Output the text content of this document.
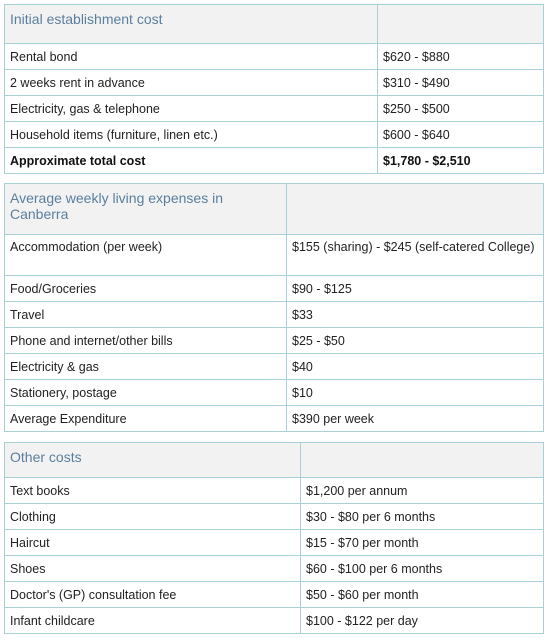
Initial establishment cost	
Rental bond	$620 - $880
2 weeks rent in advance	$310 - $490
Electricity, gas & telephone	$250 - $500
Household items (furniture, linen etc.)	$600 - $640
Approximate total cost	$1,780 - $2,510
Average weekly living expenses in Canberra	
Accommodation (per week)	$155 (sharing) - $245 (self-catered College)
Food/Groceries	$90 - $125
Travel	$33
Phone and internet/other bills	$25 - $50
Electricity & gas	$40
Stationery, postage	$10
Average Expenditure	$390 per week
Other costs	
Text books	$1,200 per annum
Clothing	$30 - $80 per 6 months
Haircut	$15 - $70 per month
Shoes	$60 - $100 per 6 months
Doctor's (GP) consultation fee	$50 - $60 per month
Infant childcare	$100 - $122 per day
